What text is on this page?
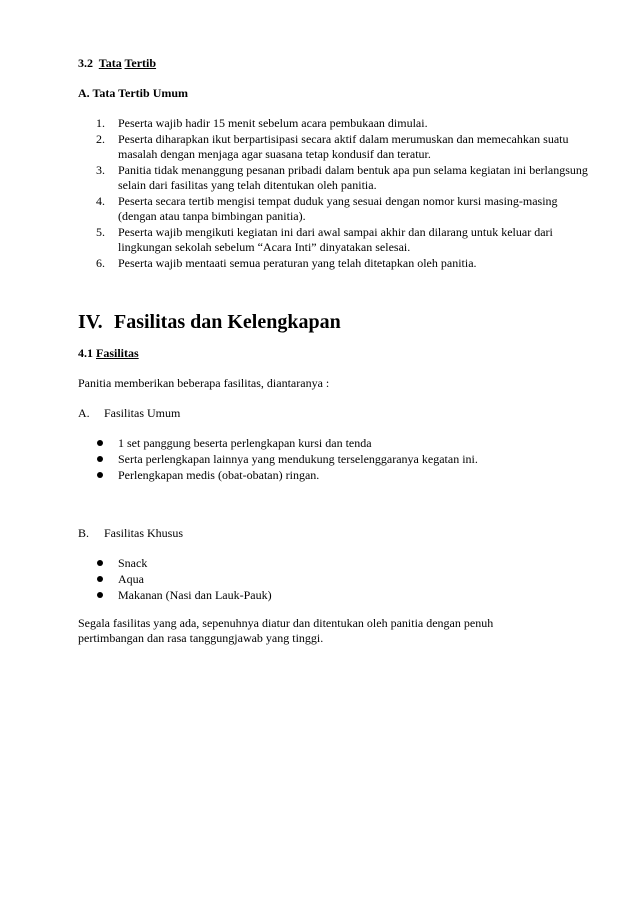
3.2 Tata Tertib
A. Tata Tertib Umum
1. Peserta wajib hadir 15 menit sebelum acara pembukaan dimulai.
2. Peserta diharapkan ikut berpartisipasi secara aktif dalam merumuskan dan memecahkan suatu masalah dengan menjaga agar suasana tetap kondusif dan teratur.
3. Panitia tidak menanggung pesanan pribadi dalam bentuk apa pun selama kegiatan ini berlangsung selain dari fasilitas yang telah ditentukan oleh panitia.
4. Peserta secara tertib mengisi tempat duduk yang sesuai dengan nomor kursi masing-masing (dengan atau tanpa bimbingan panitia).
5. Peserta wajib mengikuti kegiatan ini dari awal sampai akhir dan dilarang untuk keluar dari lingkungan sekolah sebelum “Acara Inti” dinyatakan selesai.
6. Peserta wajib mentaati semua peraturan yang telah ditetapkan oleh panitia.
IV. Fasilitas dan Kelengkapan
4.1 Fasilitas
Panitia memberikan beberapa fasilitas, diantaranya :
A. Fasilitas Umum
1 set panggung beserta perlengkapan kursi dan tenda
Serta perlengkapan lainnya yang mendukung terselenggaranya kegatan ini.
Perlengkapan medis (obat-obatan) ringan.
B. Fasilitas Khusus
Snack
Aqua
Makanan (Nasi dan Lauk-Pauk)
Segala fasilitas yang ada, sepenuhnya diatur dan ditentukan oleh panitia dengan penuh pertimbangan dan rasa tanggungjawab yang tinggi.
